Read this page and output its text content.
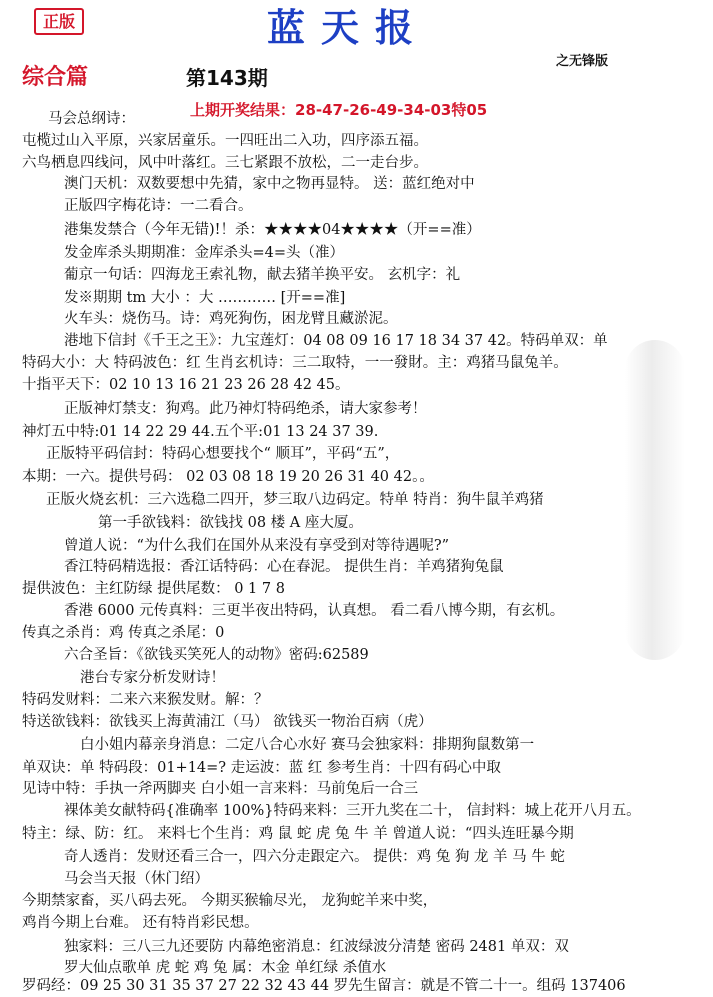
正版	蓝天报
之无锋版
综合篇	第143期
上期开奖结果：28-47-26-49-34-03特05
马会总纲诗：
屯榄过山入平原，兴家居童乐。一四旺出二入功，四序添五福。
六鸟栖息四线问，风中叶落红。三七紧跟不放松，二一走台步。
澳门天机：双数要想中先猜，家中之物再显特。 送：蓝红绝对中
正版四字梅花诗：一二看合。
港集发禁合（今年无错)!！杀：★★★★04★★★★（开==准）
发金库杀头期期准：金库杀头=4=头（准）
葡京一句话：四海龙王索礼物，献去猪羊换平安。 玄机字：礼
发※期期 tm 大小 ：大 ………… [开==准]
火车头：烧伤马。诗：鸡死狗伤，困龙臂且藏淤泥。
港地下信封《千王之王》：九宝莲灯：04 08 09 16 17 18 34 37 42。特码单双：单
特码大小：大 特码波色：红 生肖玄机诗：三二取特，一一發財。主：鸡猪马鼠兔羊。
十指平天下：02 10 13 16 21 23 26 28 42 45。
正版神灯禁支：狗鸡。此乃神灯特码绝杀，请大家参考！
神灯五中特:01 14 22 29 44.五个平:01 13 24 37 39.
正版特平码信封：特码心想要找个“ 顺耳”，平码“五”，
本期：一六。提供号码： 02 03 08 18 19 20 26 31 40 42。。
正版火烧玄机：三六选稳二四开，梦三取八边码定。特单 特肖：狗牛鼠羊鸡猪
第一手欲钱料：欲钱找 08 楼 A 座大厦。
曾道人说：“为什么我们在国外从来没有享受到对等待遇呢?”
香江特码精选报：香江话特码：心在春泥。 提供生肖：羊鸡猪狗兔鼠
提供波色：主红防绿 提供尾数： 0 1 7 8
香港 6000 元传真料：三更半夜出特码，认真想。 看二看八博今期，有玄机。
传真之杀肖：鸡 传真之杀尾：0
六合圣旨：《欲钱买笑死人的动物》密码:62589
港台专家分析发财诗！
特码发财料：二来六来猴发财。解：？
特送欲钱料：欲钱买上海黄浦江（马） 欲钱买一物治百病（虎）
白小姐内幕亲身消息：二定八合心水好 赛马会独家料：排期狗鼠数第一
单双诀：单 特码段：01+14=? 走运波：蓝 红 参考生肖：十四有码心中取
见诗中特：手执一斧两脚夹 白小姐一言来料：马前兔后一合三
裸体美女献特码{准确率 100%}特码来料：三开九奖在二十， 信封料：城上花开八月五。
特主：绿、防：红。 来料七个生肖：鸡 鼠 蛇 虎 兔 牛 羊 曾道人说：“四头连旺暴今期
奇人透肖：发财还看三合一，四六分走跟定六。 提供：鸡 兔 狗 龙 羊 马 牛 蛇
马会当天报（休门绍）
今期禁家畜，买八码去死。 今期买猴输尽光， 龙狗蛇羊来中奖，
鸡肖今期上台难。 还有特肖彩民想。
独家料：三八三九还要防 内幕绝密消息：红波绿波分清楚 密码 2481 单双：双
罗大仙点歌单 虎 蛇 鸡 兔 属：木金 单红绿 杀值水
罗码经：09 25 30 31 35 37 27 22 32 43 44 罗先生留言：就是不管二十一。组码 137406
